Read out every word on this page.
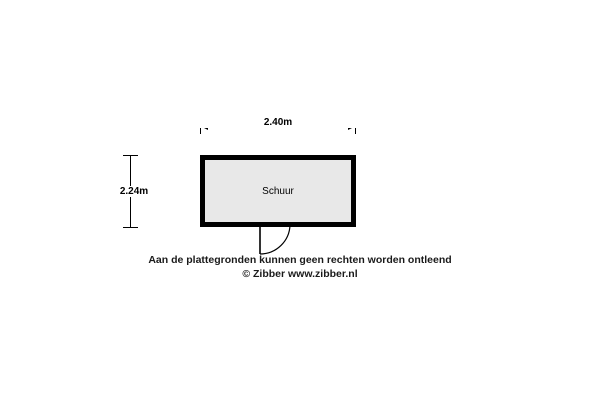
2.40m
2.24m	Schuur
Aan de plattegronden kunnen geen rechten worden ontleend
© Zibber www.zibber.nl
